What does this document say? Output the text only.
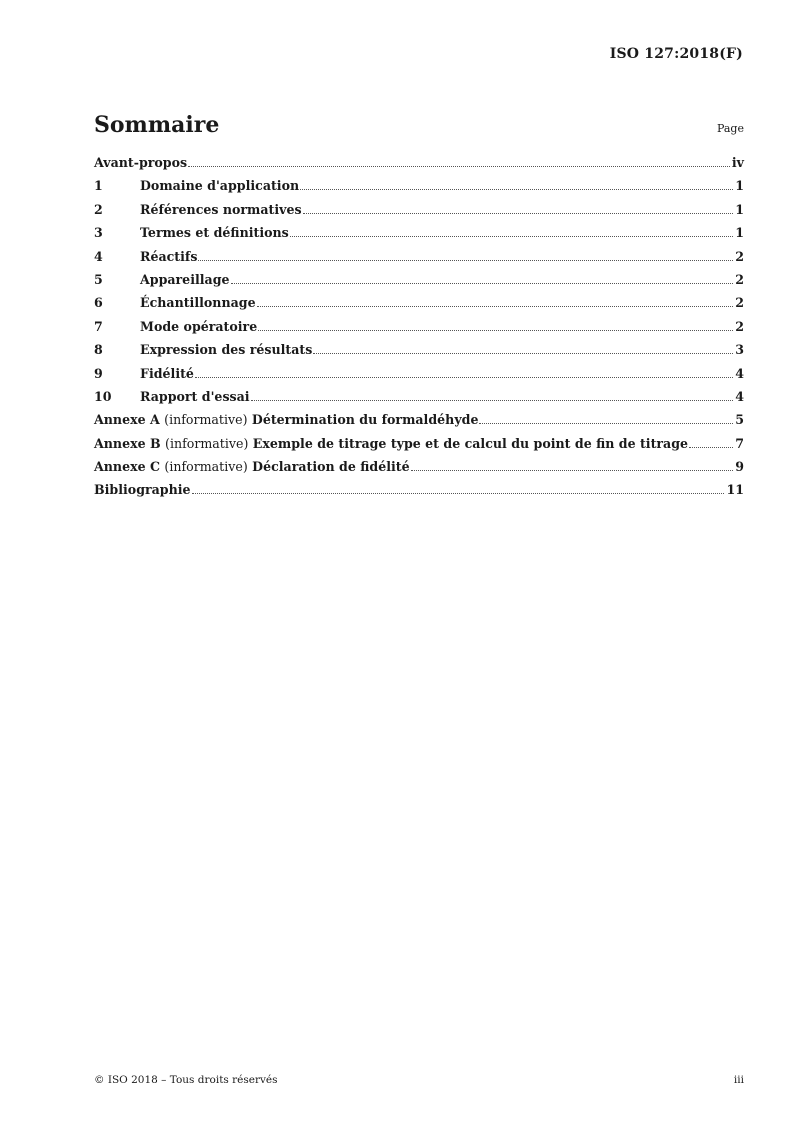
ISO 127:2018(F)
Sommaire	Page
Avant-propos	iv
1	Domaine d'application	1
2	Références normatives	1
3	Termes et définitions	1
4	Réactifs	2
5	Appareillage	2
6	Échantillonnage	2
7	Mode opératoire	2
8	Expression des résultats	3
9	Fidélité	4
10	Rapport d'essai	4
Annexe A (informative) Détermination du formaldéhyde	5
Annexe B (informative) Exemple de titrage type et de calcul du point de fin de titrage	7
Annexe C (informative) Déclaration de fidélité	9
Bibliographie	11
© ISO 2018 – Tous droits réservés	iii
